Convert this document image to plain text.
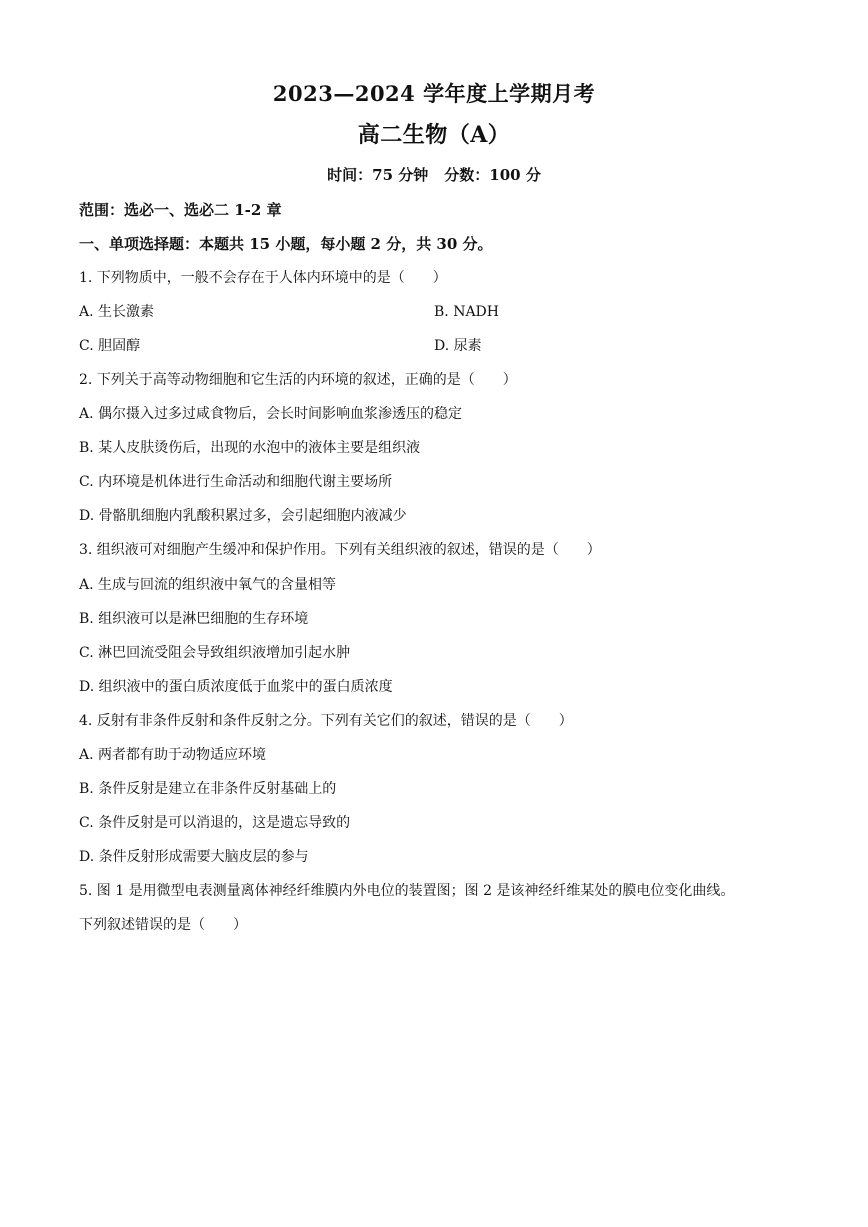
2023—2024 学年度上学期月考
高二生物（A）
时间：75 分钟 分数：100 分
范围：选必一、选必二 1-2 章
一、单项选择题：本题共 15 小题，每小题 2 分，共 30 分。
1. 下列物质中，一般不会存在于人体内环境中的是（　　）
A. 生长激素	B. NADH
C. 胆固醇	D. 尿素
2. 下列关于高等动物细胞和它生活的内环境的叙述，正确的是（　　）
A. 偶尔摄入过多过咸食物后，会长时间影响血浆渗透压的稳定
B. 某人皮肤烫伤后，出现的水泡中的液体主要是组织液
C. 内环境是机体进行生命活动和细胞代谢主要场所
D. 骨骼肌细胞内乳酸积累过多，会引起细胞内液减少
3. 组织液可对细胞产生缓冲和保护作用。下列有关组织液的叙述，错误的是（　　）
A. 生成与回流的组织液中氧气的含量相等
B. 组织液可以是淋巴细胞的生存环境
C. 淋巴回流受阻会导致组织液增加引起水肿
D. 组织液中的蛋白质浓度低于血浆中的蛋白质浓度
4. 反射有非条件反射和条件反射之分。下列有关它们的叙述，错误的是（　　）
A. 两者都有助于动物适应环境
B. 条件反射是建立在非条件反射基础上的
C. 条件反射是可以消退的，这是遗忘导致的
D. 条件反射形成需要大脑皮层的参与
5. 图 1 是用微型电表测量离体神经纤维膜内外电位的装置图；图 2 是该神经纤维某处的膜电位变化曲线。
下列叙述错误的是（　　）
